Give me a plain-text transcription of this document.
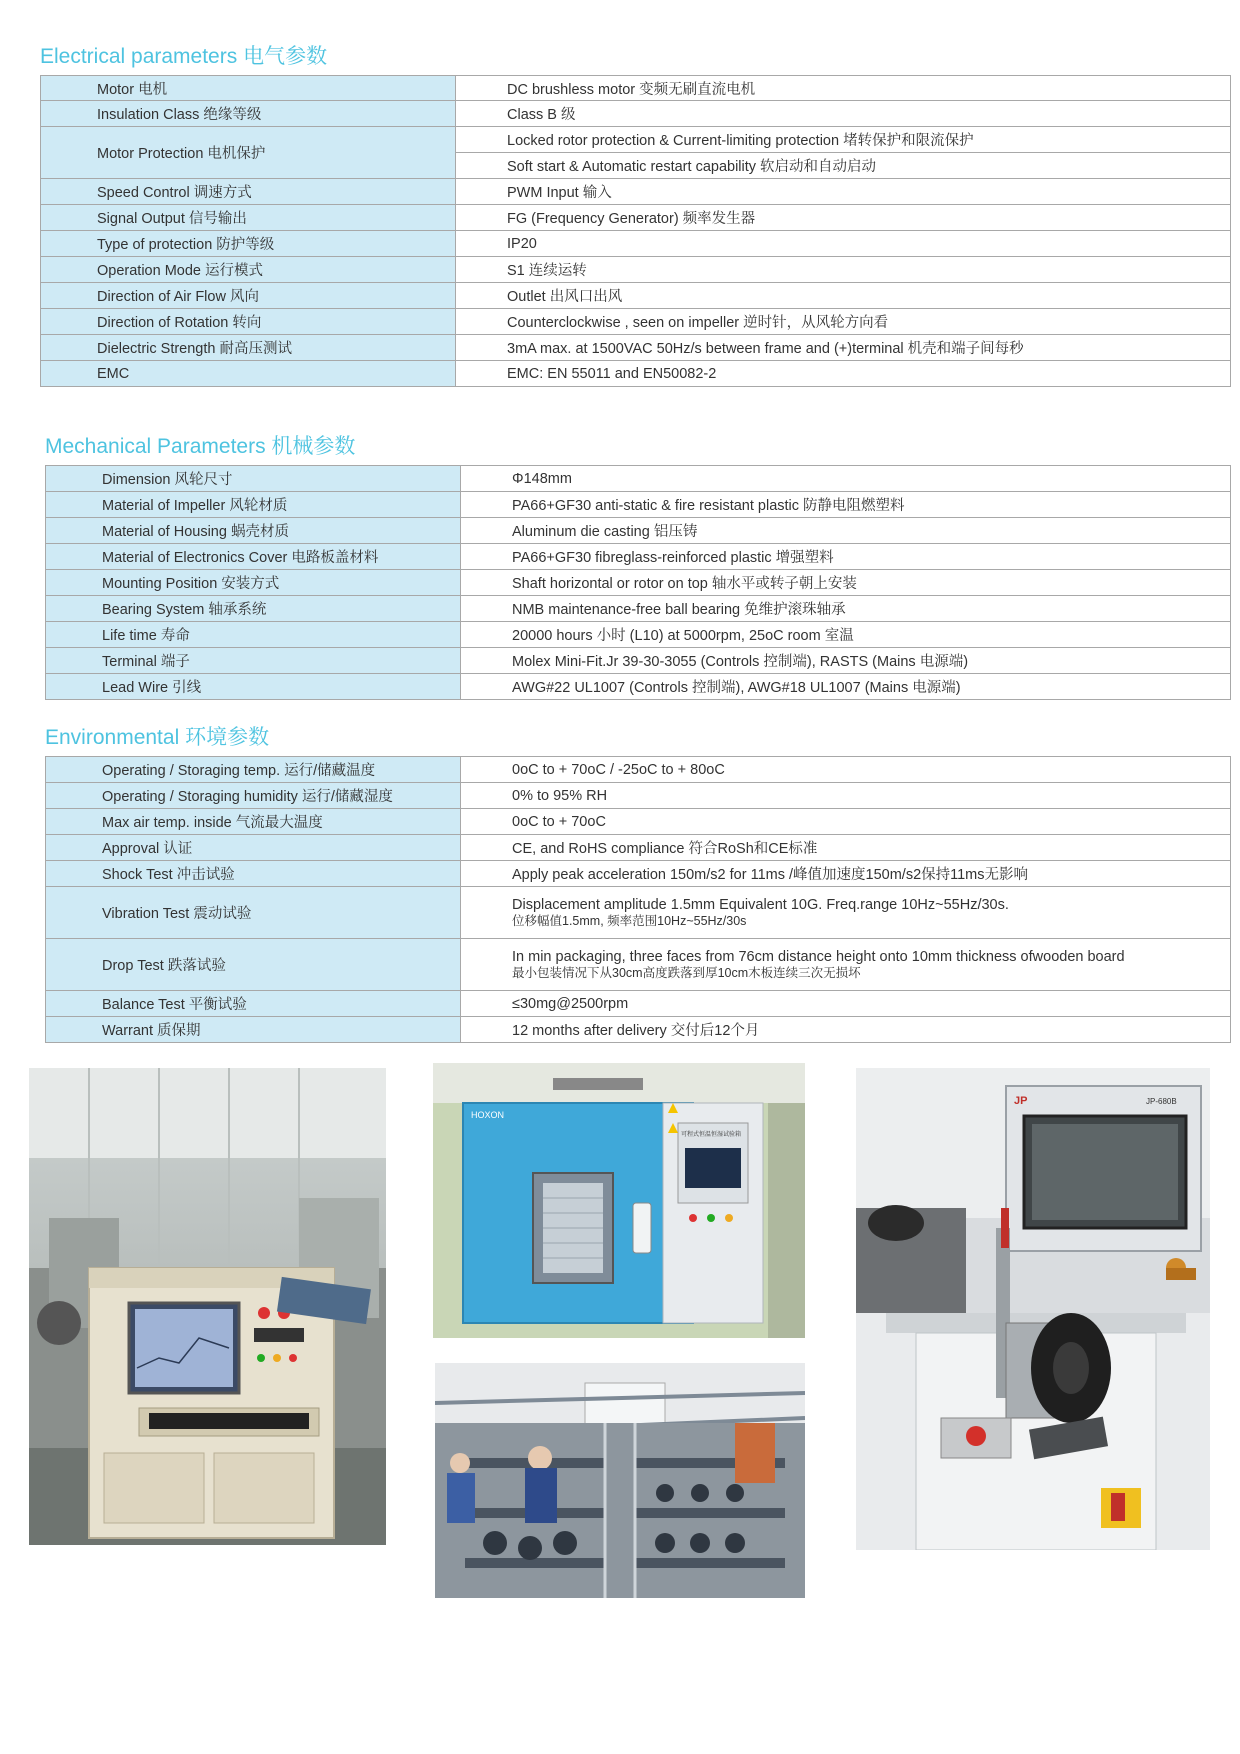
Electrical parameters 电气参数
Motor 电机	DC brushless motor 变频无刷直流电机
Insulation Class 绝缘等级	Class B 级
Motor Protection 电机保护	Locked rotor protection & Current-limiting protection 堵转保护和限流保护
	Soft start & Automatic restart capability 软启动和自动启动
Speed Control 调速方式	PWM Input 输入
Signal Output 信号输出	FG (Frequency Generator) 频率发生器
Type of protection 防护等级	IP20
Operation Mode 运行模式	S1 连续运转
Direction of Air Flow 风向	Outlet 出风口出风
Direction of Rotation 转向	Counterclockwise , seen on impeller 逆时针，从风轮方向看
Dielectric Strength 耐高压测试	3mA max. at 1500VAC 50Hz/s between frame and (+)terminal 机壳和端子间每秒
EMC	EMC: EN 55011 and EN50082-2
Mechanical Parameters 机械参数
Dimension 风轮尺寸	Φ148mm
Material of Impeller 风轮材质	PA66+GF30 anti-static & fire resistant plastic 防静电阻燃塑料
Material of Housing 蜗壳材质	Aluminum die casting 铝压铸
Material of Electronics Cover 电路板盖材料	PA66+GF30 fibreglass-reinforced plastic 增强塑料
Mounting Position 安装方式	Shaft horizontal or rotor on top 轴水平或转子朝上安装
Bearing System 轴承系统	NMB maintenance-free ball bearing 免维护滚珠轴承
Life time 寿命	20000 hours 小时 (L10) at 5000rpm, 25oC room 室温
Terminal 端子	Molex Mini-Fit.Jr 39-30-3055 (Controls 控制端), RASTS (Mains 电源端)
Lead Wire 引线	AWG#22 UL1007 (Controls 控制端), AWG#18 UL1007 (Mains 电源端)
Environmental 环境参数
Operating / Storaging temp. 运行/储藏温度	0oC to + 70oC / -25oC to + 80oC
Operating / Storaging humidity 运行/储藏湿度	0% to 95% RH
Max air temp. inside 气流最大温度	0oC to + 70oC
Approval 认证	CE, and RoHS compliance 符合RoSh和CE标准
Shock Test 冲击试验	Apply peak acceleration 150m/s2 for 11ms /峰值加速度150m/s2保持11ms无影响
Vibration Test 震动试验	Displacement amplitude 1.5mm Equivalent 10G. Freq.range 10Hz~55Hz/30s.
位移幅值1.5mm, 频率范围10Hz~55Hz/30s

Drop Test 跌落试验	In min packaging, three faces from 76cm distance height onto 10mm thickness ofwooden board
最小包装情况下从30cm高度跌落到厚10cm木板连续三次无损坏

Balance Test 平衡试验	≤30mg@2500rpm
Warrant 质保期	12 months after delivery 交付后12个月
HOXON
可程式恒温恒湿试验箱
JP	JP-680B
